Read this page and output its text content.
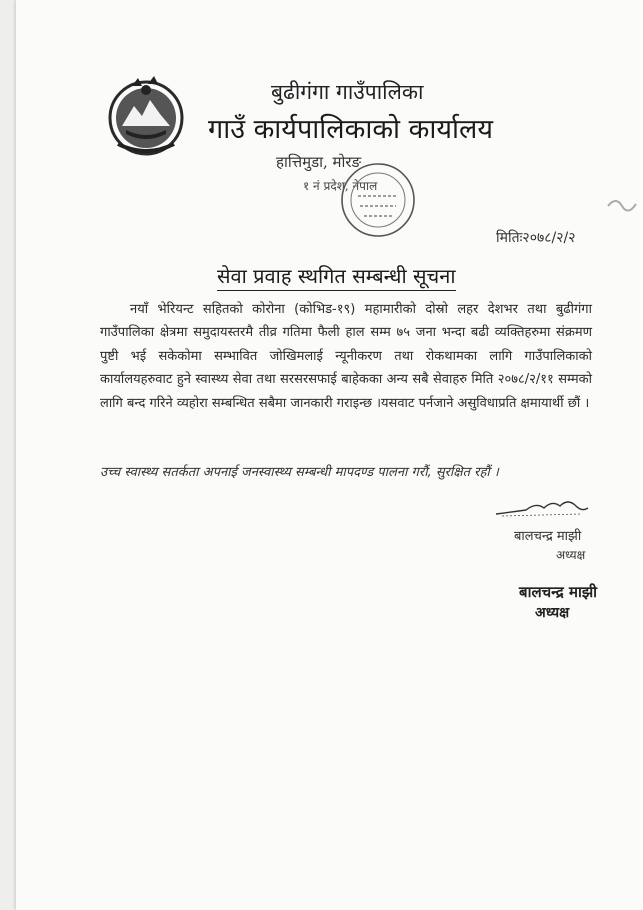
बुढीगंगा गाउँपालिका
गाउँ कार्यपालिकाको कार्यालय
हात्तिमुडा, मोरङ
१ नं प्रदेश, नेपाल
मितिः२०७८/२/२
सेवा प्रवाह स्थगित सम्बन्धी सूचना

नयाँ भेरियन्ट सहितको कोरोना (कोभिड-१९) महामारीको दोस्रो लहर देशभर तथा बुढीगंगा गाउँपालिका क्षेत्रमा समुदायस्तरमै तीव्र गतिमा फैली हाल सम्म ७५ जना भन्दा बढी व्यक्तिहरुमा संक्रमण पुष्टी भई सकेकोमा सम्भावित जोखिमलाई न्यूनीकरण तथा रोकथामका लागि गाउँपालिकाको कार्यालयहरुवाट हुने स्वास्थ्य सेवा तथा सरसरसफाई बाहेकका अन्य सबै सेवाहरु मिति २०७८/२/११ सम्मको लागि बन्द गरिने व्यहोरा सम्बन्धित सबैमा जानकारी गराइन्छ ।यसवाट पर्नजाने असुविधाप्रति क्षमायार्थी छौं ।

उच्च स्वास्थ्य सतर्कता अपनाई जनस्वास्थ्य सम्बन्धी मापदण्ड पालना गरौं, सुरक्षित रहौं ।
बालचन्द्र माझी
अध्यक्ष
बालचन्द्र माझी
अध्यक्ष
